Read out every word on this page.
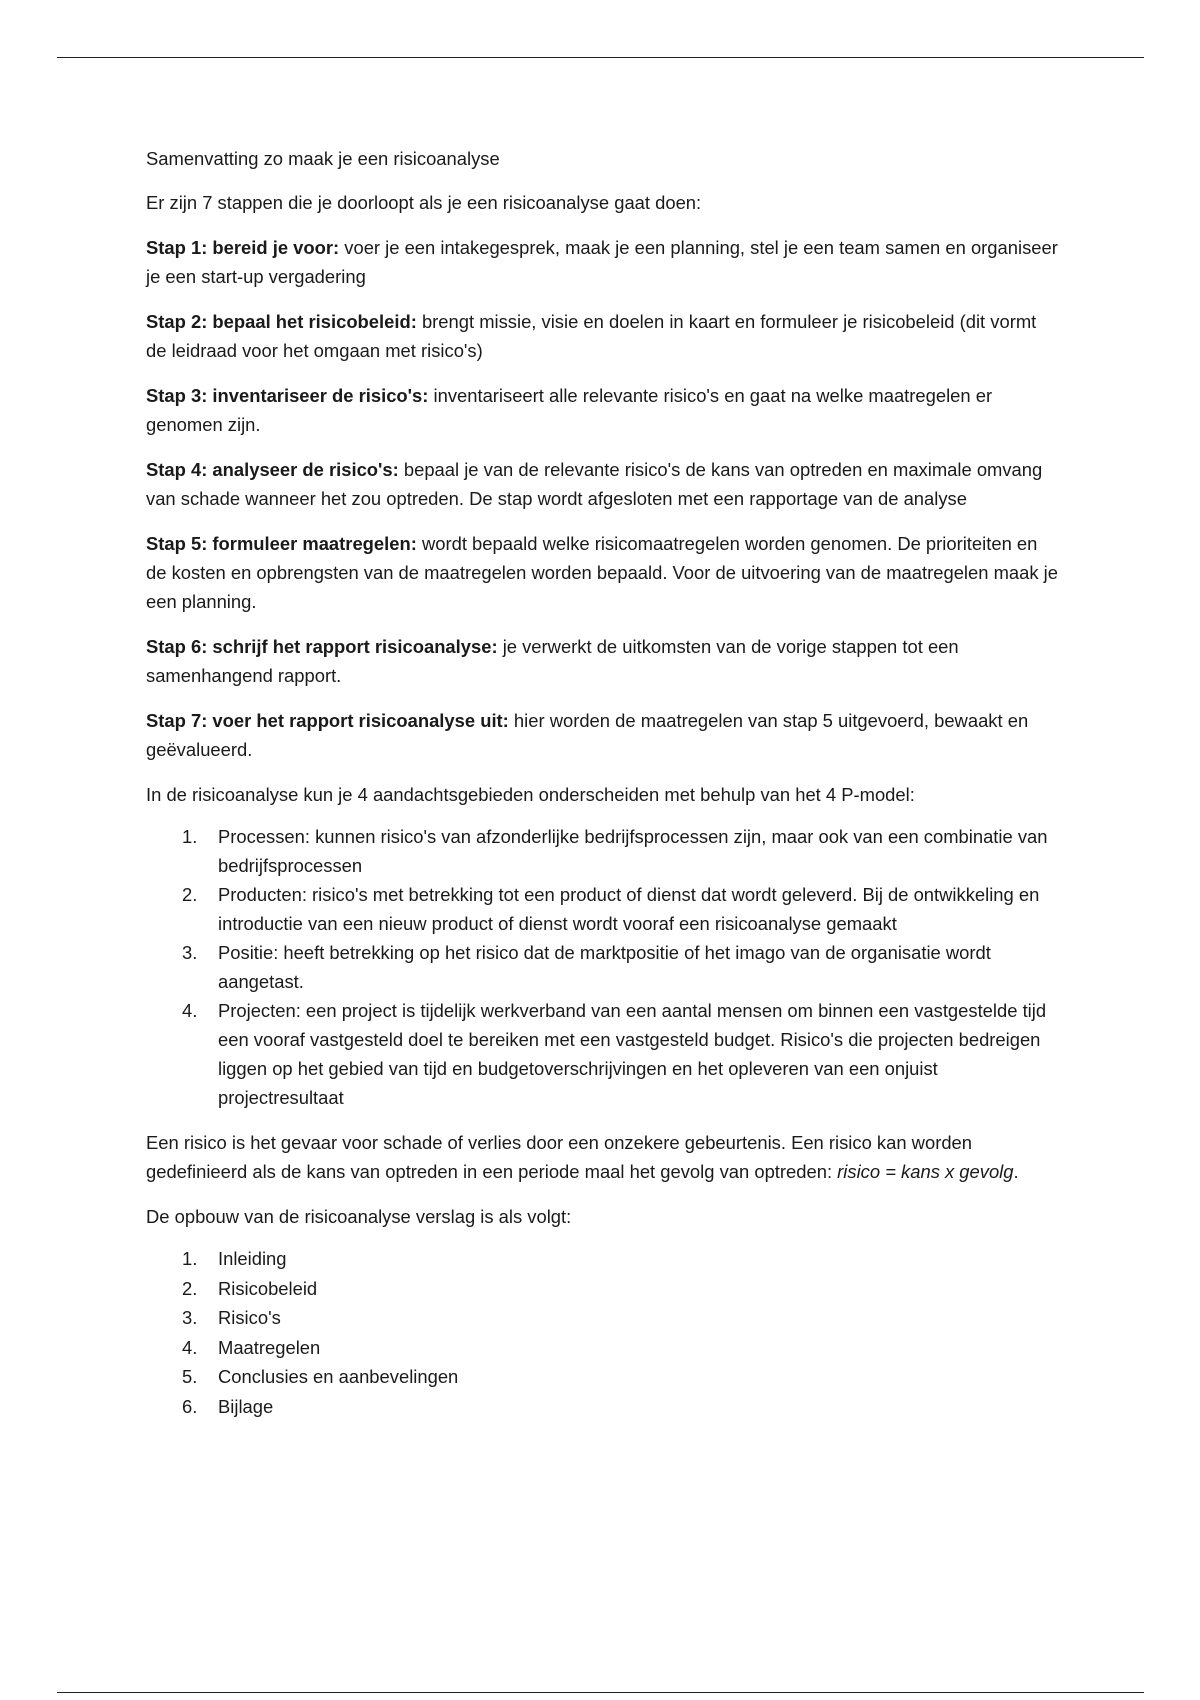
Samenvatting zo maak je een risicoanalyse

Er zijn 7 stappen die je doorloopt als je een risicoanalyse gaat doen:

Stap 1: bereid je voor: voer je een intakegesprek, maak je een planning, stel je een team samen en organiseer je een start-up vergadering

Stap 2: bepaal het risicobeleid: brengt missie, visie en doelen in kaart en formuleer je risicobeleid (dit vormt de leidraad voor het omgaan met risico's)

Stap 3: inventariseer de risico's: inventariseert alle relevante risico's en gaat na welke maatregelen er genomen zijn.

Stap 4: analyseer de risico's: bepaal je van de relevante risico's de kans van optreden en maximale omvang van schade wanneer het zou optreden. De stap wordt afgesloten met een rapportage van de analyse

Stap 5: formuleer maatregelen: wordt bepaald welke risicomaatregelen worden genomen. De prioriteiten en de kosten en opbrengsten van de maatregelen worden bepaald. Voor de uitvoering van de maatregelen maak je een planning.

Stap 6: schrijf het rapport risicoanalyse: je verwerkt de uitkomsten van de vorige stappen tot een samenhangend rapport.

Stap 7: voer het rapport risicoanalyse uit: hier worden de maatregelen van stap 5 uitgevoerd, bewaakt en geëvalueerd.

In de risicoanalyse kun je 4 aandachtsgebieden onderscheiden met behulp van het 4 P-model:

1. Processen: kunnen risico's van afzonderlijke bedrijfsprocessen zijn, maar ook van een combinatie van bedrijfsprocessen
2. Producten: risico's met betrekking tot een product of dienst dat wordt geleverd. Bij de ontwikkeling en introductie van een nieuw product of dienst wordt vooraf een risicoanalyse gemaakt
3. Positie: heeft betrekking op het risico dat de marktpositie of het imago van de organisatie wordt aangetast.
4. Projecten: een project is tijdelijk werkverband van een aantal mensen om binnen een vastgestelde tijd een vooraf vastgesteld doel te bereiken met een vastgesteld budget. Risico's die projecten bedreigen liggen op het gebied van tijd en budgetoverschrijvingen en het opleveren van een onjuist projectresultaat

Een risico is het gevaar voor schade of verlies door een onzekere gebeurtenis. Een risico kan worden gedefinieerd als de kans van optreden in een periode maal het gevolg van optreden: risico = kans x gevolg.

De opbouw van de risicoanalyse verslag is als volgt:

1. Inleiding
2. Risicobeleid
3. Risico's
4. Maatregelen
5. Conclusies en aanbevelingen
6. Bijlage
